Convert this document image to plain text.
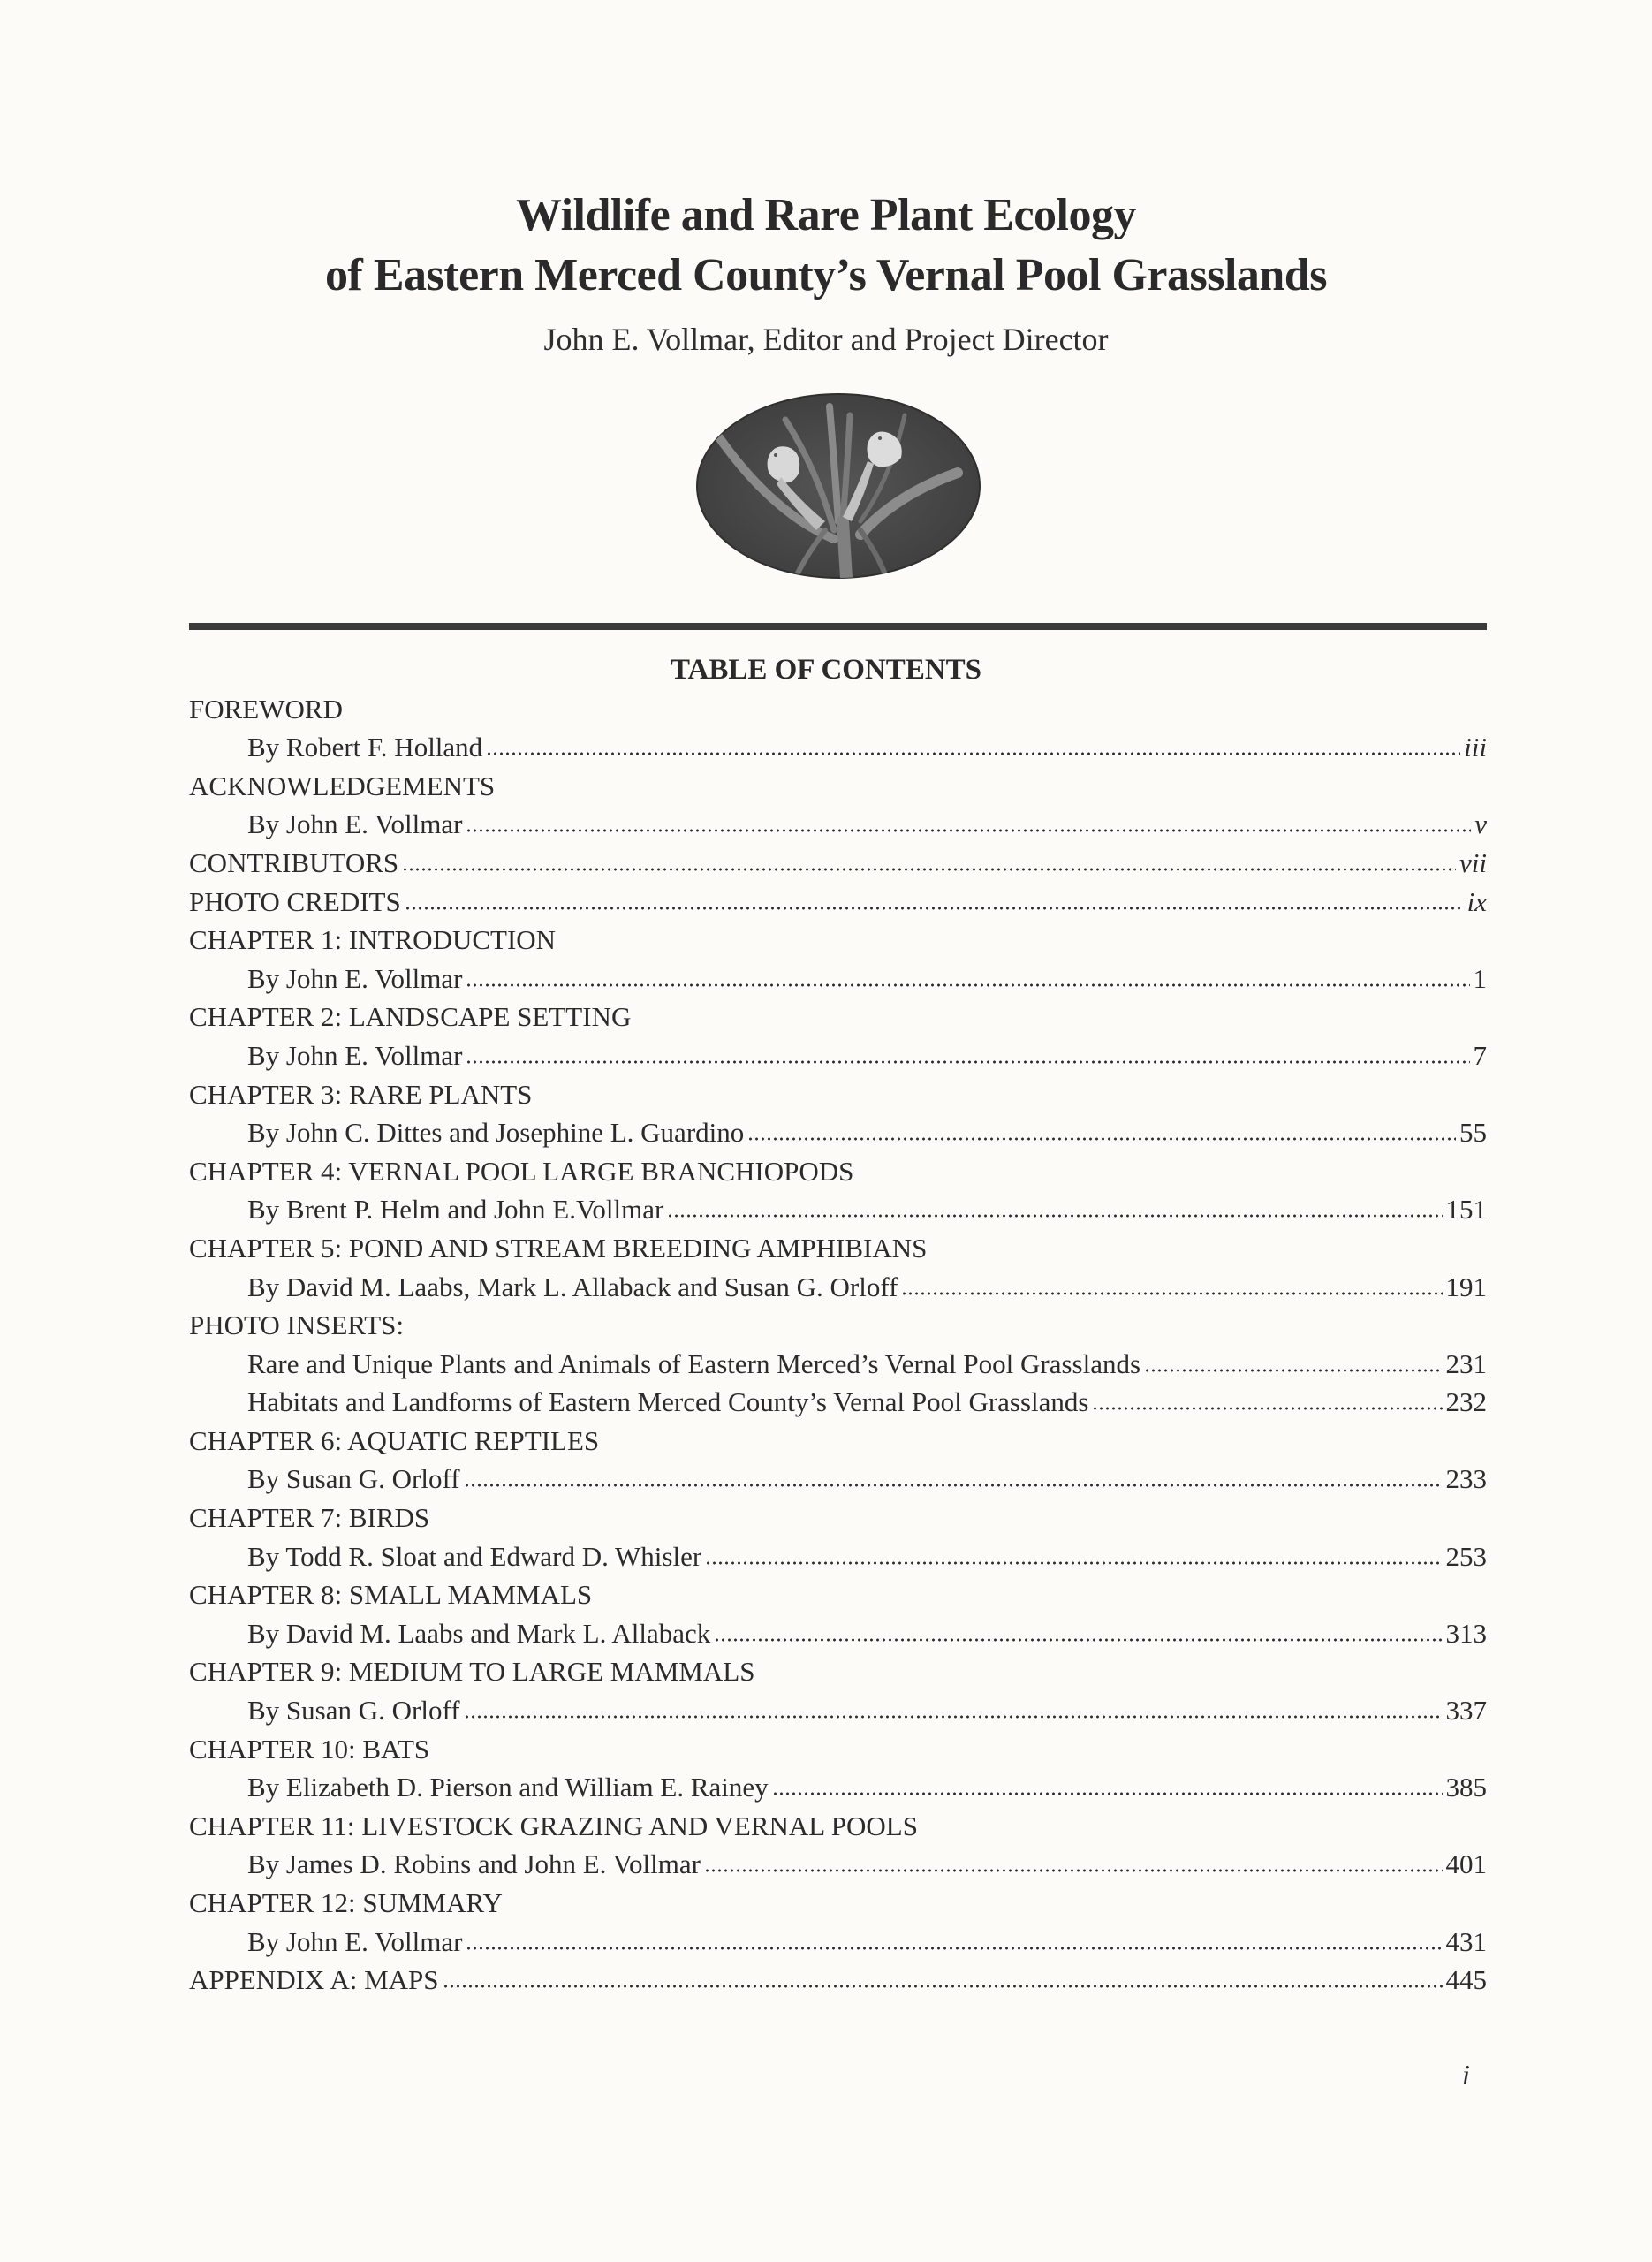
Wildlife and Rare Plant Ecology
of Eastern Merced County’s Vernal Pool Grasslands
John E. Vollmar, Editor and Project Director
TABLE OF CONTENTS
FOREWORD
By Robert F. Holland	iii
ACKNOWLEDGEMENTS
By John E. Vollmar	v
CONTRIBUTORS	vii
PHOTO CREDITS	ix
CHAPTER 1: INTRODUCTION
By John E. Vollmar	1
CHAPTER 2: LANDSCAPE SETTING
By John E. Vollmar	7
CHAPTER 3: RARE PLANTS
By John C. Dittes and Josephine L. Guardino	55
CHAPTER 4: VERNAL POOL LARGE BRANCHIOPODS
By Brent P. Helm and John E.Vollmar	151
CHAPTER 5: POND AND STREAM BREEDING AMPHIBIANS
By David M. Laabs, Mark L. Allaback and Susan G. Orloff	191
PHOTO INSERTS:
Rare and Unique Plants and Animals of Eastern Merced’s Vernal Pool Grasslands	231
Habitats and Landforms of Eastern Merced County’s Vernal Pool Grasslands	232
CHAPTER 6: AQUATIC REPTILES
By Susan G. Orloff	233
CHAPTER 7: BIRDS
By Todd R. Sloat and Edward D. Whisler	253
CHAPTER 8: SMALL MAMMALS
By David M. Laabs and Mark L. Allaback	313
CHAPTER 9: MEDIUM TO LARGE MAMMALS
By Susan G. Orloff	337
CHAPTER 10: BATS
By Elizabeth D. Pierson and William E. Rainey	385
CHAPTER 11: LIVESTOCK GRAZING AND VERNAL POOLS
By James D. Robins and John E. Vollmar	401
CHAPTER 12: SUMMARY
By John E. Vollmar	431
APPENDIX A: MAPS	445
i
